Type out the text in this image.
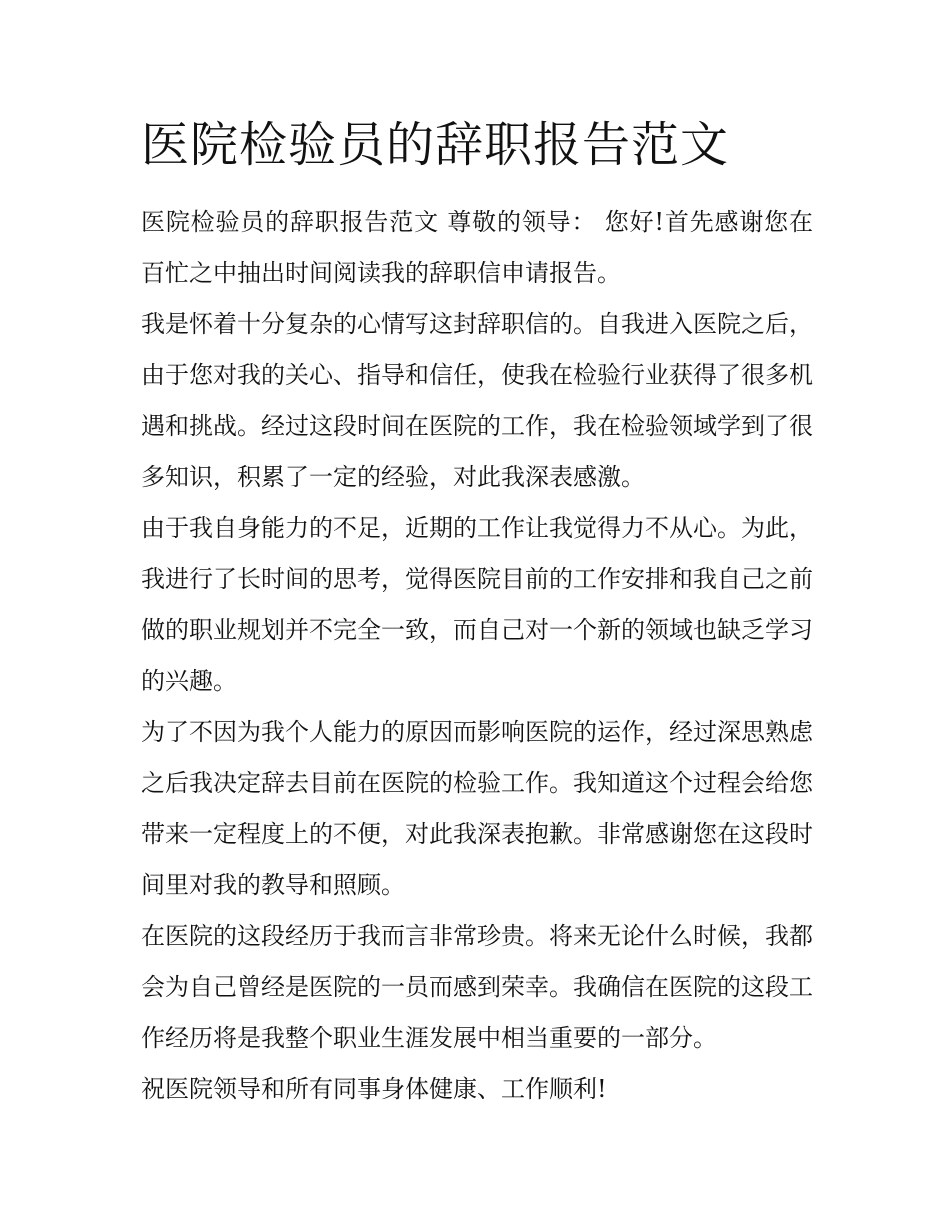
医院检验员的辞职报告范文

医院检验员的辞职报告范文 尊敬的领导： 您好!首先感谢您在百忙之中抽出时间阅读我的辞职信申请报告。

我是怀着十分复杂的心情写这封辞职信的。自我进入医院之后，由于您对我的关心、指导和信任，使我在检验行业获得了很多机遇和挑战。经过这段时间在医院的工作，我在检验领域学到了很多知识，积累了一定的经验，对此我深表感激。

由于我自身能力的不足，近期的工作让我觉得力不从心。为此，我进行了长时间的思考，觉得医院目前的工作安排和我自己之前做的职业规划并不完全一致，而自己对一个新的领域也缺乏学习的兴趣。

为了不因为我个人能力的原因而影响医院的运作，经过深思熟虑之后我决定辞去目前在医院的检验工作。我知道这个过程会给您带来一定程度上的不便，对此我深表抱歉。非常感谢您在这段时间里对我的教导和照顾。

在医院的这段经历于我而言非常珍贵。将来无论什么时候，我都会为自己曾经是医院的一员而感到荣幸。我确信在医院的这段工作经历将是我整个职业生涯发展中相当重要的一部分。

祝医院领导和所有同事身体健康、工作顺利!
